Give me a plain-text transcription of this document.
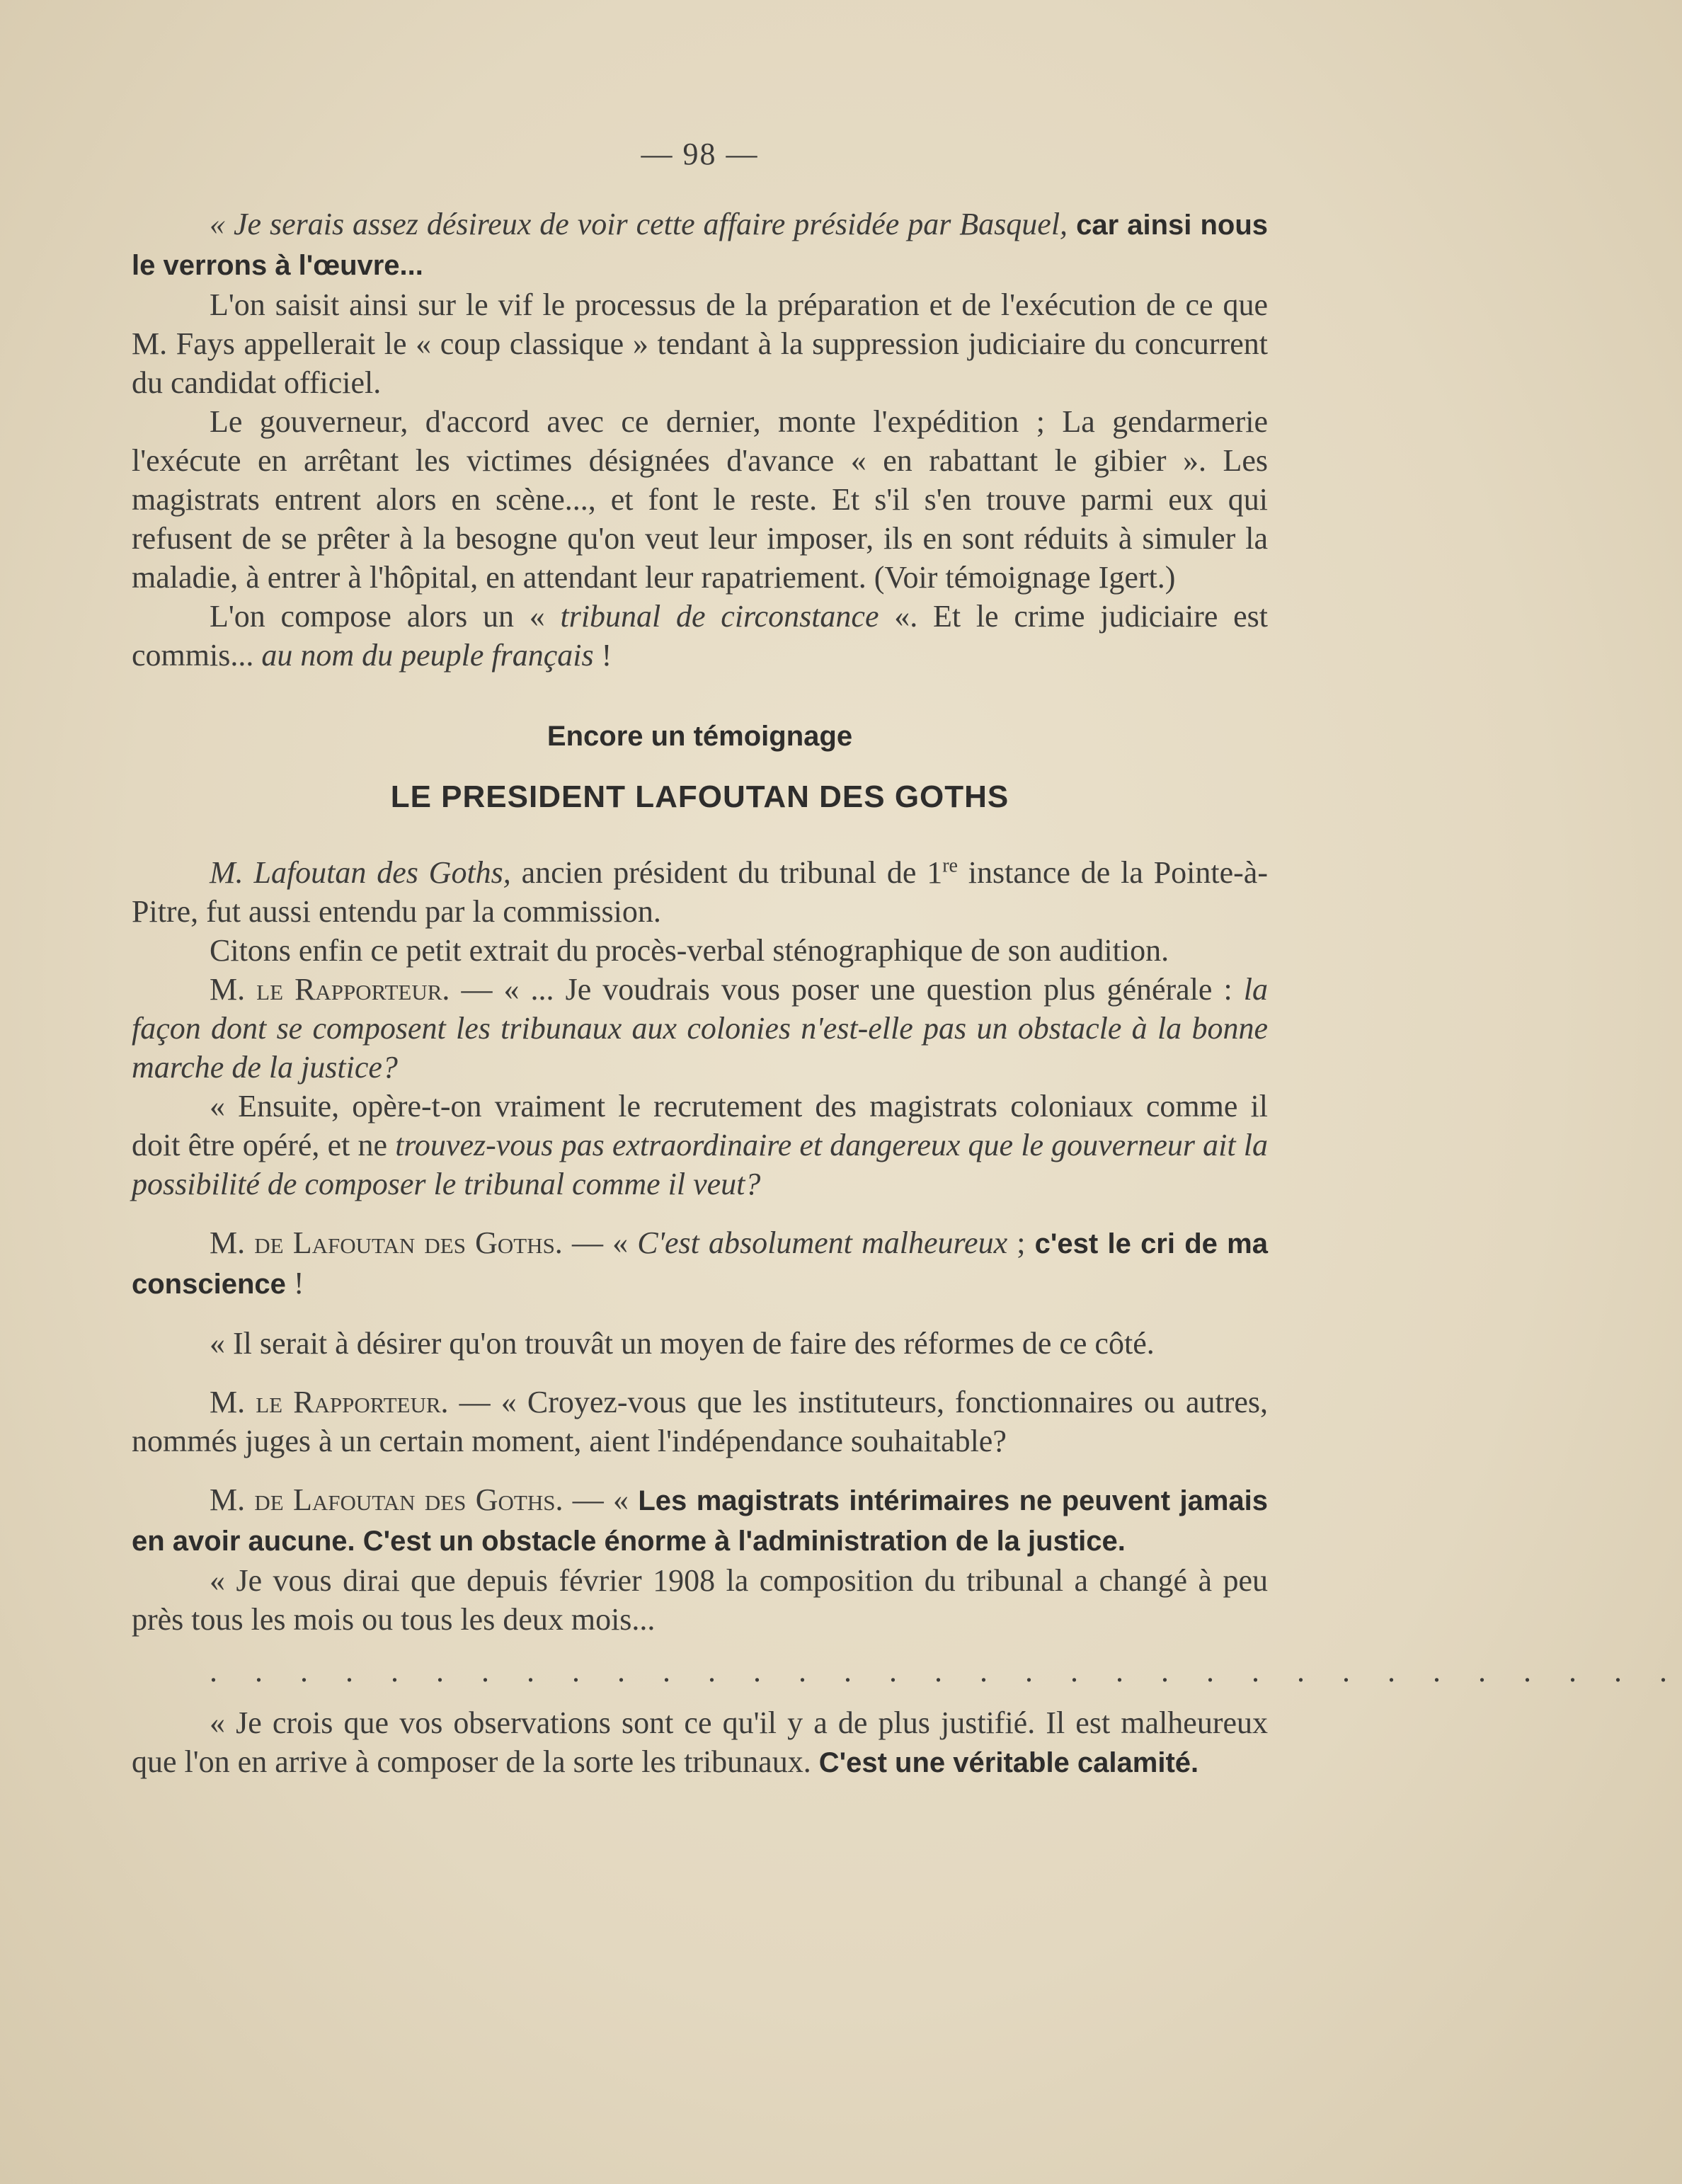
— 98 —

« Je serais assez désireux de voir cette affaire présidée par Basquel, car ainsi nous le verrons à l'œuvre...

L'on saisit ainsi sur le vif le processus de la préparation et de l'exécution de ce que M. Fays appellerait le « coup classique » tendant à la suppression judiciaire du concurrent du candidat officiel.

Le gouverneur, d'accord avec ce dernier, monte l'expédition ; La gendarmerie l'exécute en arrêtant les victimes désignées d'avance « en rabattant le gibier ». Les magistrats entrent alors en scène..., et font le reste. Et s'il s'en trouve parmi eux qui refusent de se prêter à la besogne qu'on veut leur imposer, ils en sont réduits à simuler la maladie, à entrer à l'hôpital, en attendant leur rapatriement. (Voir témoignage Igert.)

L'on compose alors un « tribunal de circonstance «. Et le crime judiciaire est commis... au nom du peuple français !

Encore un témoignage
LE PRESIDENT LAFOUTAN DES GOTHS

M. Lafoutan des Goths, ancien président du tribunal de 1re instance de la Pointe-à-Pitre, fut aussi entendu par la commission.

Citons enfin ce petit extrait du procès-verbal sténographique de son audition.

M. le Rapporteur. — « ... Je voudrais vous poser une question plus générale : la façon dont se composent les tribunaux aux colonies n'est-elle pas un obstacle à la bonne marche de la justice?

« Ensuite, opère-t-on vraiment le recrutement des magistrats coloniaux comme il doit être opéré, et ne trouvez-vous pas extraordinaire et dangereux que le gouverneur ait la possibilité de composer le tribunal comme il veut?

M. de Lafoutan des Goths. — « C'est absolument malheureux ; c'est le cri de ma conscience !

« Il serait à désirer qu'on trouvât un moyen de faire des réformes de ce côté.

M. le Rapporteur. — « Croyez-vous que les instituteurs, fonctionnaires ou autres, nommés juges à un certain moment, aient l'indépendance souhaitable?

M. de Lafoutan des Goths. — « Les magistrats intérimaires ne peuvent jamais en avoir aucune. C'est un obstacle énorme à l'administration de la justice.

« Je vous dirai que depuis février 1908 la composition du tribunal a changé à peu près tous les mois ou tous les deux mois...

. . . . . . . . . . . . . . . . . . . . . . . . . . . . . . . . .

« Je crois que vos observations sont ce qu'il y a de plus justifié. Il est malheureux que l'on en arrive à composer de la sorte les tribunaux. C'est une véritable calamité.
